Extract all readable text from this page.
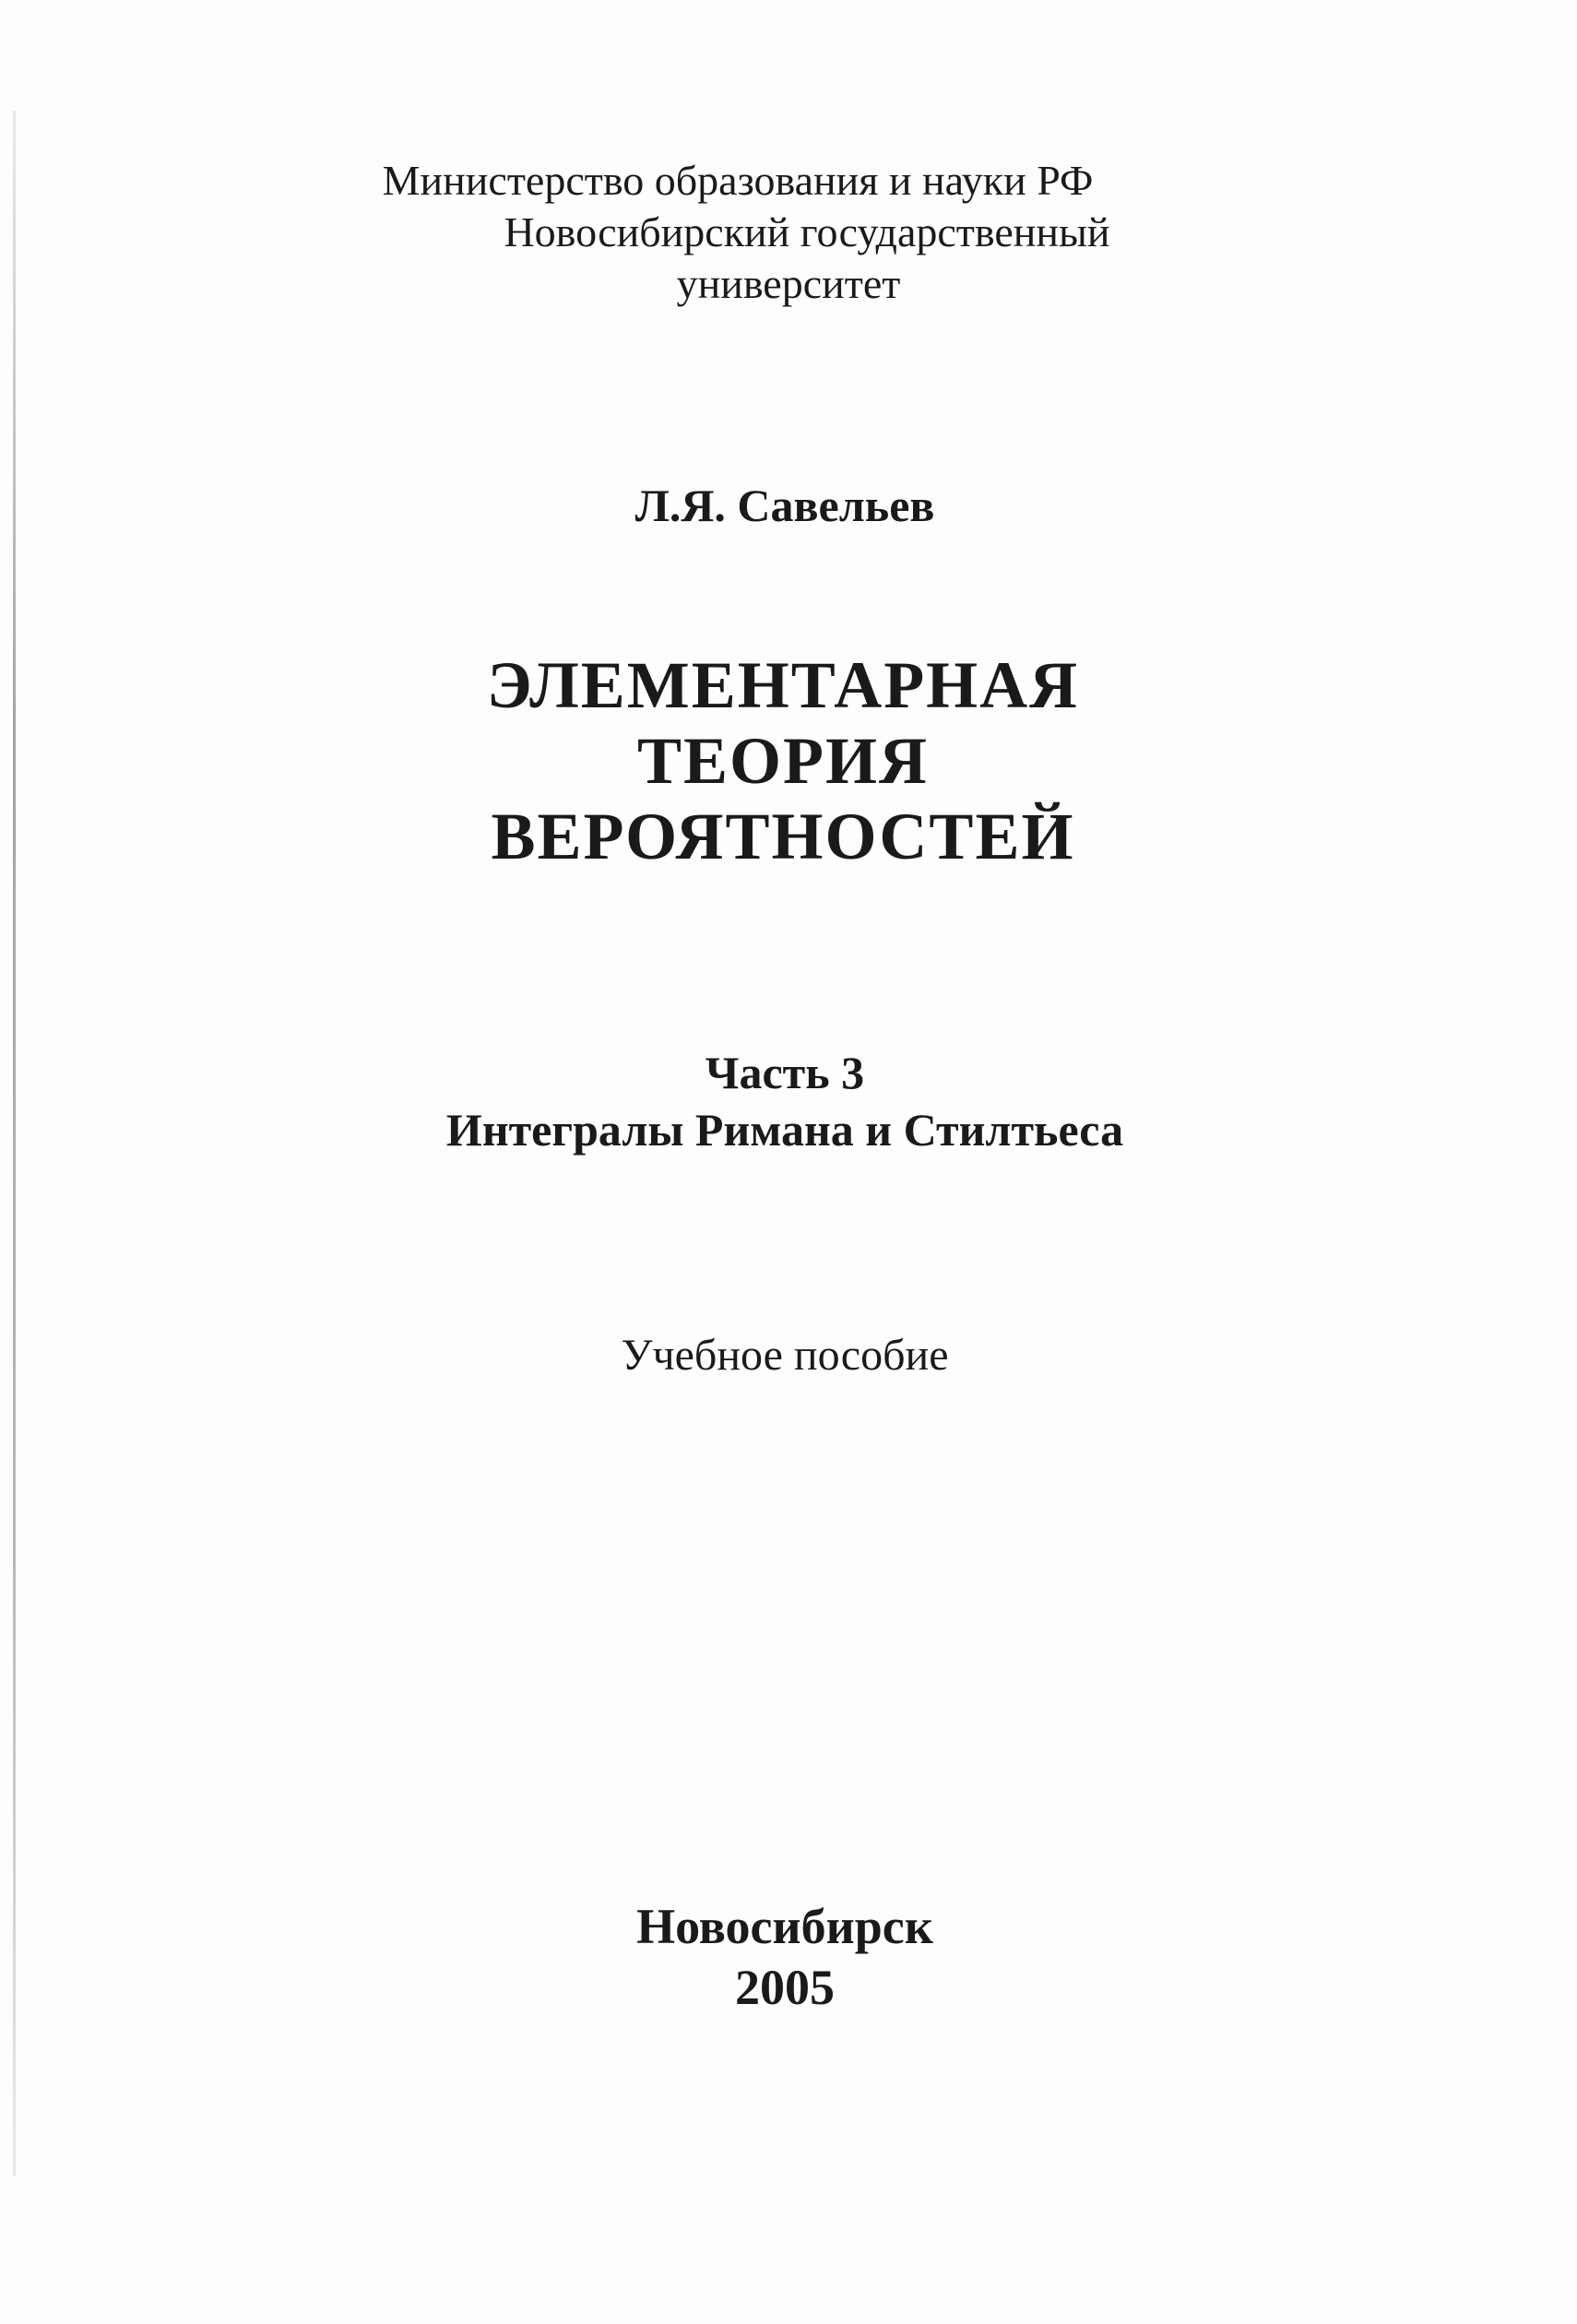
Министерство образования и науки РФ
Новосибирский государственный
университет
Л.Я. Савельев
ЭЛЕМЕНТАРНАЯ
ТЕОРИЯ
ВЕРОЯТНОСТЕЙ
Часть 3
Интегралы Римана и Стилтьеса
Учебное пособие
Новосибирск
2005
